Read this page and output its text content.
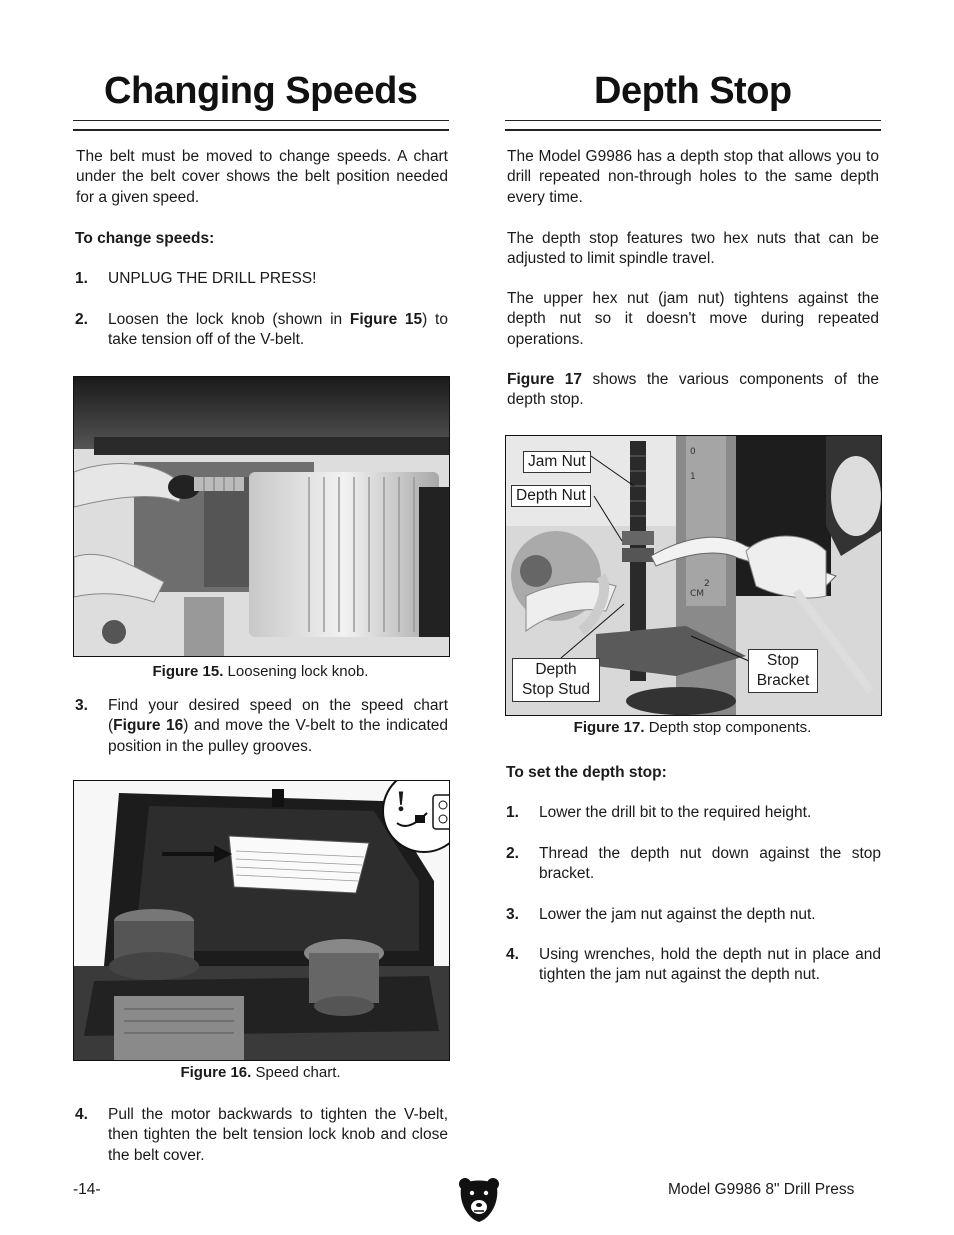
Changing Speeds

The belt must be moved to change speeds. A chart under the belt cover shows the belt position needed for a given speed.

To change speeds:
1. UNPLUG THE DRILL PRESS!
2. Loosen the lock knob (shown in Figure 15) to take tension off of the V-belt.
Figure 15. Loosening lock knob.
3. Find your desired speed on the speed chart (Figure 16) and move the V-belt to the indicated position in the pulley grooves.
!
Figure 16. Speed chart.
4. Pull the motor backwards to tighten the V-belt, then tighten the belt tension lock knob and close the belt cover.
Depth Stop

The Model G9986 has a depth stop that allows you to drill repeated non-through holes to the same depth every time.

The depth stop features two hex nuts that can be adjusted to limit spindle travel.

The upper hex nut (jam nut) tightens against the depth nut so it doesn't move during repeated operations.

Figure 17 shows the various components of the depth stop.

0
1
2
CM
Jam Nut
Depth Nut
Depth
Stop Stud
Stop
Bracket
Figure 17. Depth stop components.
To set the depth stop:
1. Lower the drill bit to the required height.
2. Thread the depth nut down against the stop bracket.
3. Lower the jam nut against the depth nut.
4. Using wrenches, hold the depth nut in place and tighten the jam nut against the depth nut.
-14-	Model G9986 8" Drill Press
